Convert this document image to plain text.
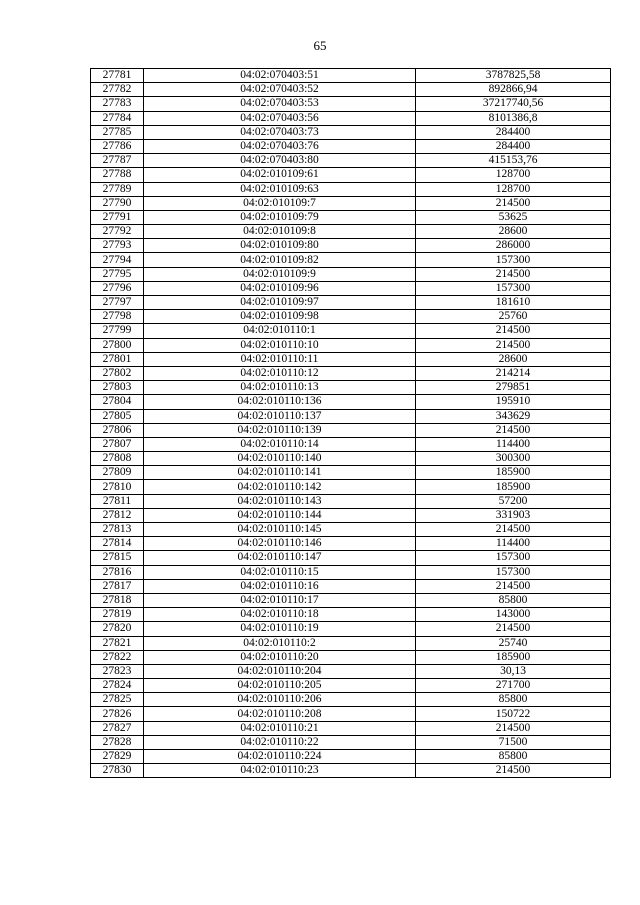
65
27781	04:02:070403:51	3787825,58
27782	04:02:070403:52	892866,94
27783	04:02:070403:53	37217740,56
27784	04:02:070403:56	8101386,8
27785	04:02:070403:73	284400
27786	04:02:070403:76	284400
27787	04:02:070403:80	415153,76
27788	04:02:010109:61	128700
27789	04:02:010109:63	128700
27790	04:02:010109:7	214500
27791	04:02:010109:79	53625
27792	04:02:010109:8	28600
27793	04:02:010109:80	286000
27794	04:02:010109:82	157300
27795	04:02:010109:9	214500
27796	04:02:010109:96	157300
27797	04:02:010109:97	181610
27798	04:02:010109:98	25760
27799	04:02:010110:1	214500
27800	04:02:010110:10	214500
27801	04:02:010110:11	28600
27802	04:02:010110:12	214214
27803	04:02:010110:13	279851
27804	04:02:010110:136	195910
27805	04:02:010110:137	343629
27806	04:02:010110:139	214500
27807	04:02:010110:14	114400
27808	04:02:010110:140	300300
27809	04:02:010110:141	185900
27810	04:02:010110:142	185900
27811	04:02:010110:143	57200
27812	04:02:010110:144	331903
27813	04:02:010110:145	214500
27814	04:02:010110:146	114400
27815	04:02:010110:147	157300
27816	04:02:010110:15	157300
27817	04:02:010110:16	214500
27818	04:02:010110:17	85800
27819	04:02:010110:18	143000
27820	04:02:010110:19	214500
27821	04:02:010110:2	25740
27822	04:02:010110:20	185900
27823	04:02:010110:204	30,13
27824	04:02:010110:205	271700
27825	04:02:010110:206	85800
27826	04:02:010110:208	150722
27827	04:02:010110:21	214500
27828	04:02:010110:22	71500
27829	04:02:010110:224	85800
27830	04:02:010110:23	214500
